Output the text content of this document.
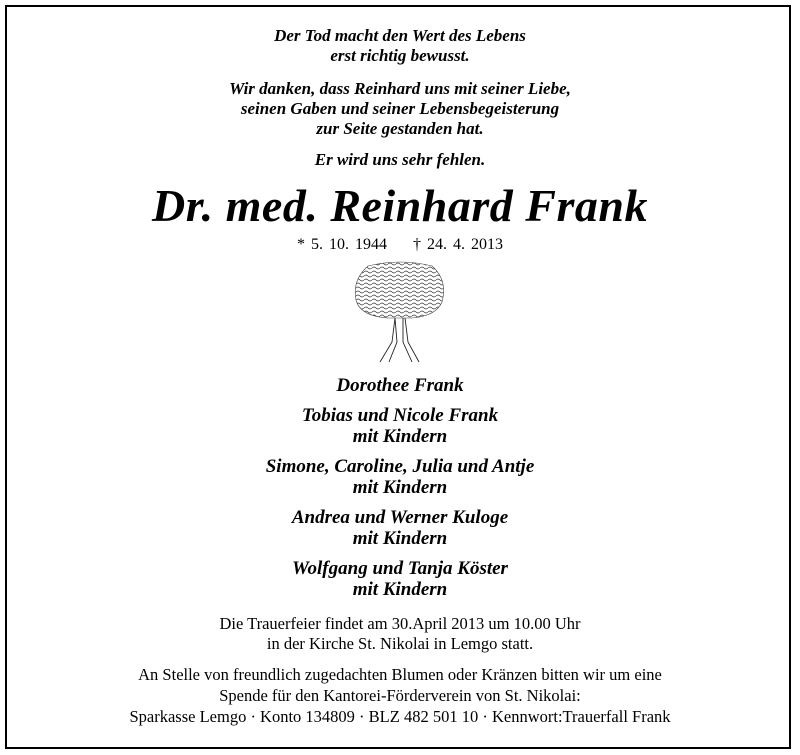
Der Tod macht den Wert des Lebens
erst richtig bewusst.
Wir danken, dass Reinhard uns mit seiner Liebe,
seinen Gaben und seiner Lebensbegeisterung
zur Seite gestanden hat.
Er wird uns sehr fehlen.
Dr. med. Reinhard Frank
* 5. 10. 1944 † 24. 4. 2013
Dorothee Frank
Tobias und Nicole Frank
mit Kindern
Simone, Caroline, Julia und Antje
mit Kindern
Andrea und Werner Kuloge
mit Kindern
Wolfgang und Tanja Köster
mit Kindern
Die Trauerfeier findet am 30.April 2013 um 10.00 Uhr
in der Kirche St. Nikolai in Lemgo statt.
An Stelle von freundlich zugedachten Blumen oder Kränzen bitten wir um eine
Spende für den Kantorei-Förderverein von St. Nikolai:
Sparkasse Lemgo · Konto 134809 · BLZ 482 501 10 · Kennwort:Trauerfall Frank
